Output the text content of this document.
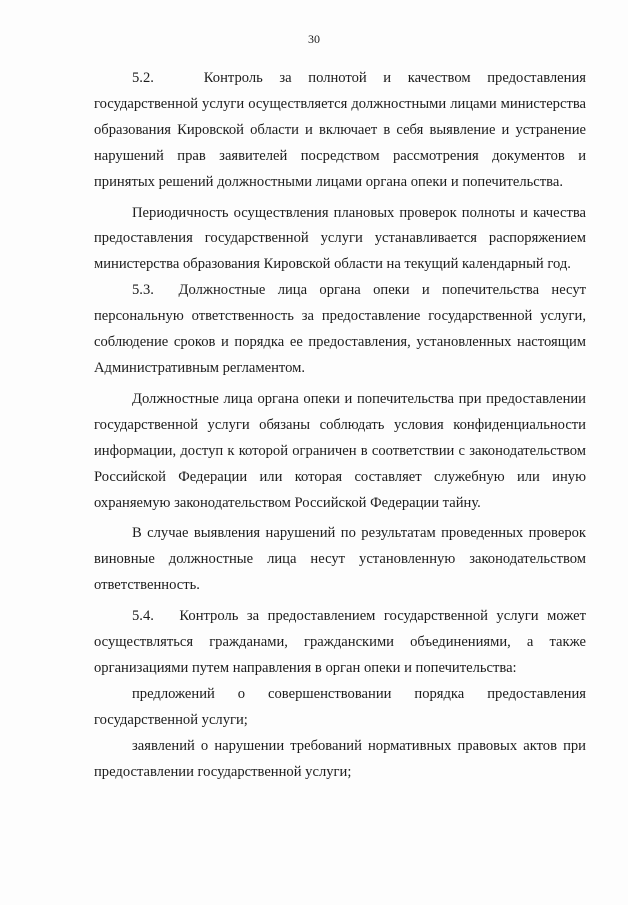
30

5.2.   Контроль за полнотой и качеством предоставления государственной услуги осуществляется должностными лицами министерства образования Кировской области и включает в себя выявление и устранение нарушений прав заявителей посредством рассмотрения документов и принятых решений должностными лицами органа опеки и попечительства.

Периодичность осуществления плановых проверок полноты и качества предоставления государственной услуги устанавливается распоряжением министерства образования Кировской области на текущий календарный год.

5.3.  Должностные лица органа опеки и попечительства несут персональную ответственность за предоставление государственной услуги, соблюдение сроков и порядка ее предоставления, установленных настоящим Административным регламентом.

Должностные лица органа опеки и попечительства при предоставлении государственной услуги обязаны соблюдать условия конфиденциальности информации, доступ к которой ограничен в соответствии с законодательством Российской Федерации или которая составляет служебную или иную охраняемую законодательством Российской Федерации тайну.

В случае выявления нарушений по результатам проведенных проверок виновные должностные лица несут установленную законодательством ответственность.

5.4.   Контроль за предоставлением государственной услуги может осуществляться гражданами, гражданскими объединениями, а также организациями путем направления в орган опеки и попечительства:

предложений о совершенствовании порядка предоставления государственной услуги;

заявлений о нарушении требований нормативных правовых актов при предоставлении государственной услуги;
